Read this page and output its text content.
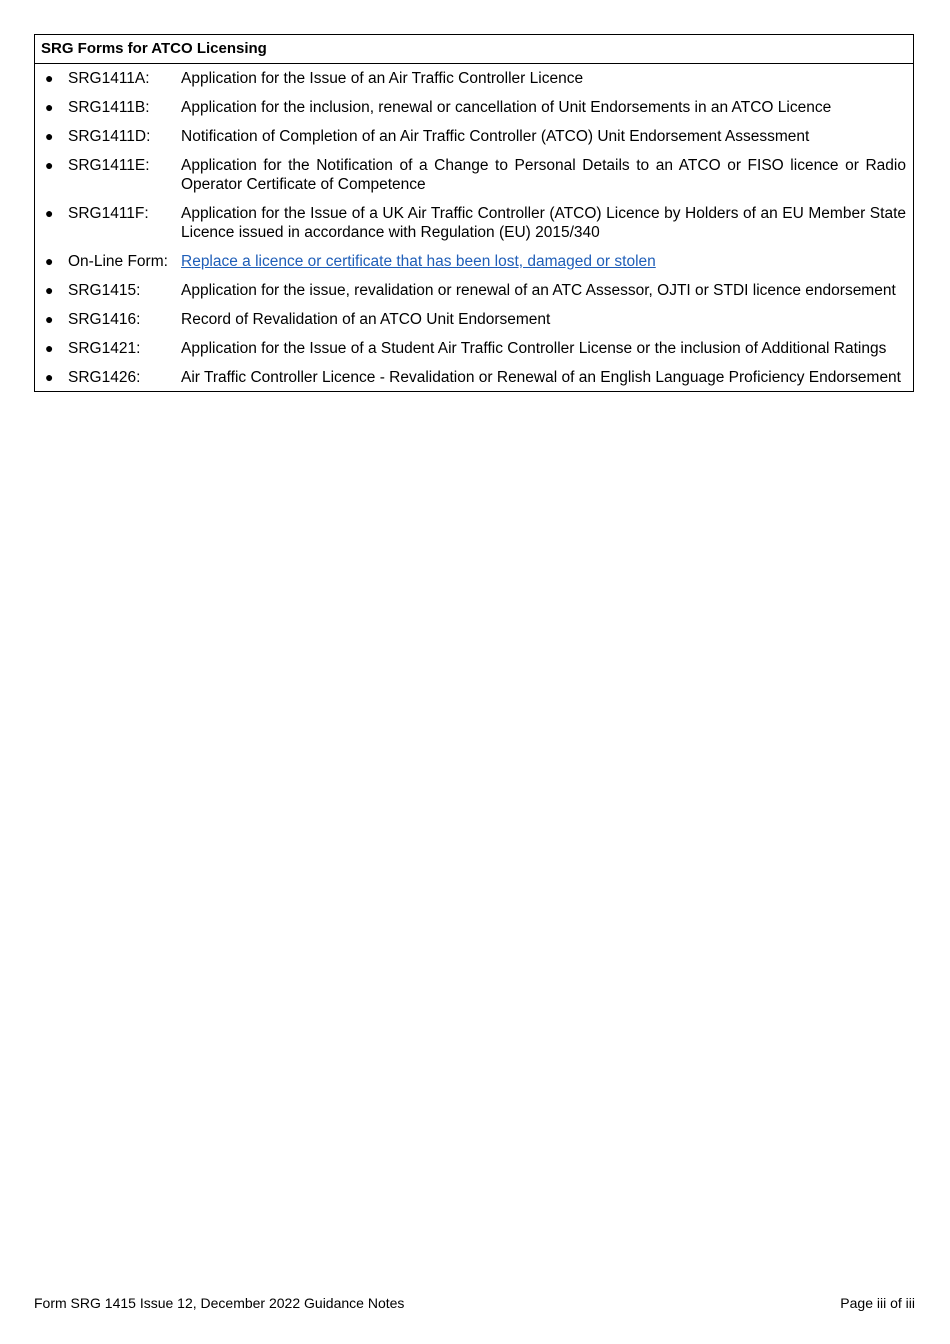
SRG Forms for ATCO Licensing
● SRG1411A: Application for the Issue of an Air Traffic Controller Licence
● SRG1411B: Application for the inclusion, renewal or cancellation of Unit Endorsements in an ATCO Licence
● SRG1411D: Notification of Completion of an Air Traffic Controller (ATCO) Unit Endorsement Assessment
● SRG1411E: Application for the Notification of a Change to Personal Details to an ATCO or FISO licence or Radio Operator Certificate of Competence
● SRG1411F: Application for the Issue of a UK Air Traffic Controller (ATCO) Licence by Holders of an EU Member State Licence issued in accordance with Regulation (EU) 2015/340
● On-Line Form: Replace a licence or certificate that has been lost, damaged or stolen
● SRG1415:	Application for the issue, revalidation or renewal of an ATC Assessor, OJTI or STDI licence endorsement
● SRG1416:	Record of Revalidation of an ATCO Unit Endorsement
● SRG1421:	Application for the Issue of a Student Air Traffic Controller License or the inclusion of Additional Ratings
● SRG1426:	Air Traffic Controller Licence - Revalidation or Renewal of an English Language Proficiency Endorsement
Form SRG 1415 Issue 12, December 2022 Guidance Notes	Page iii of iii
